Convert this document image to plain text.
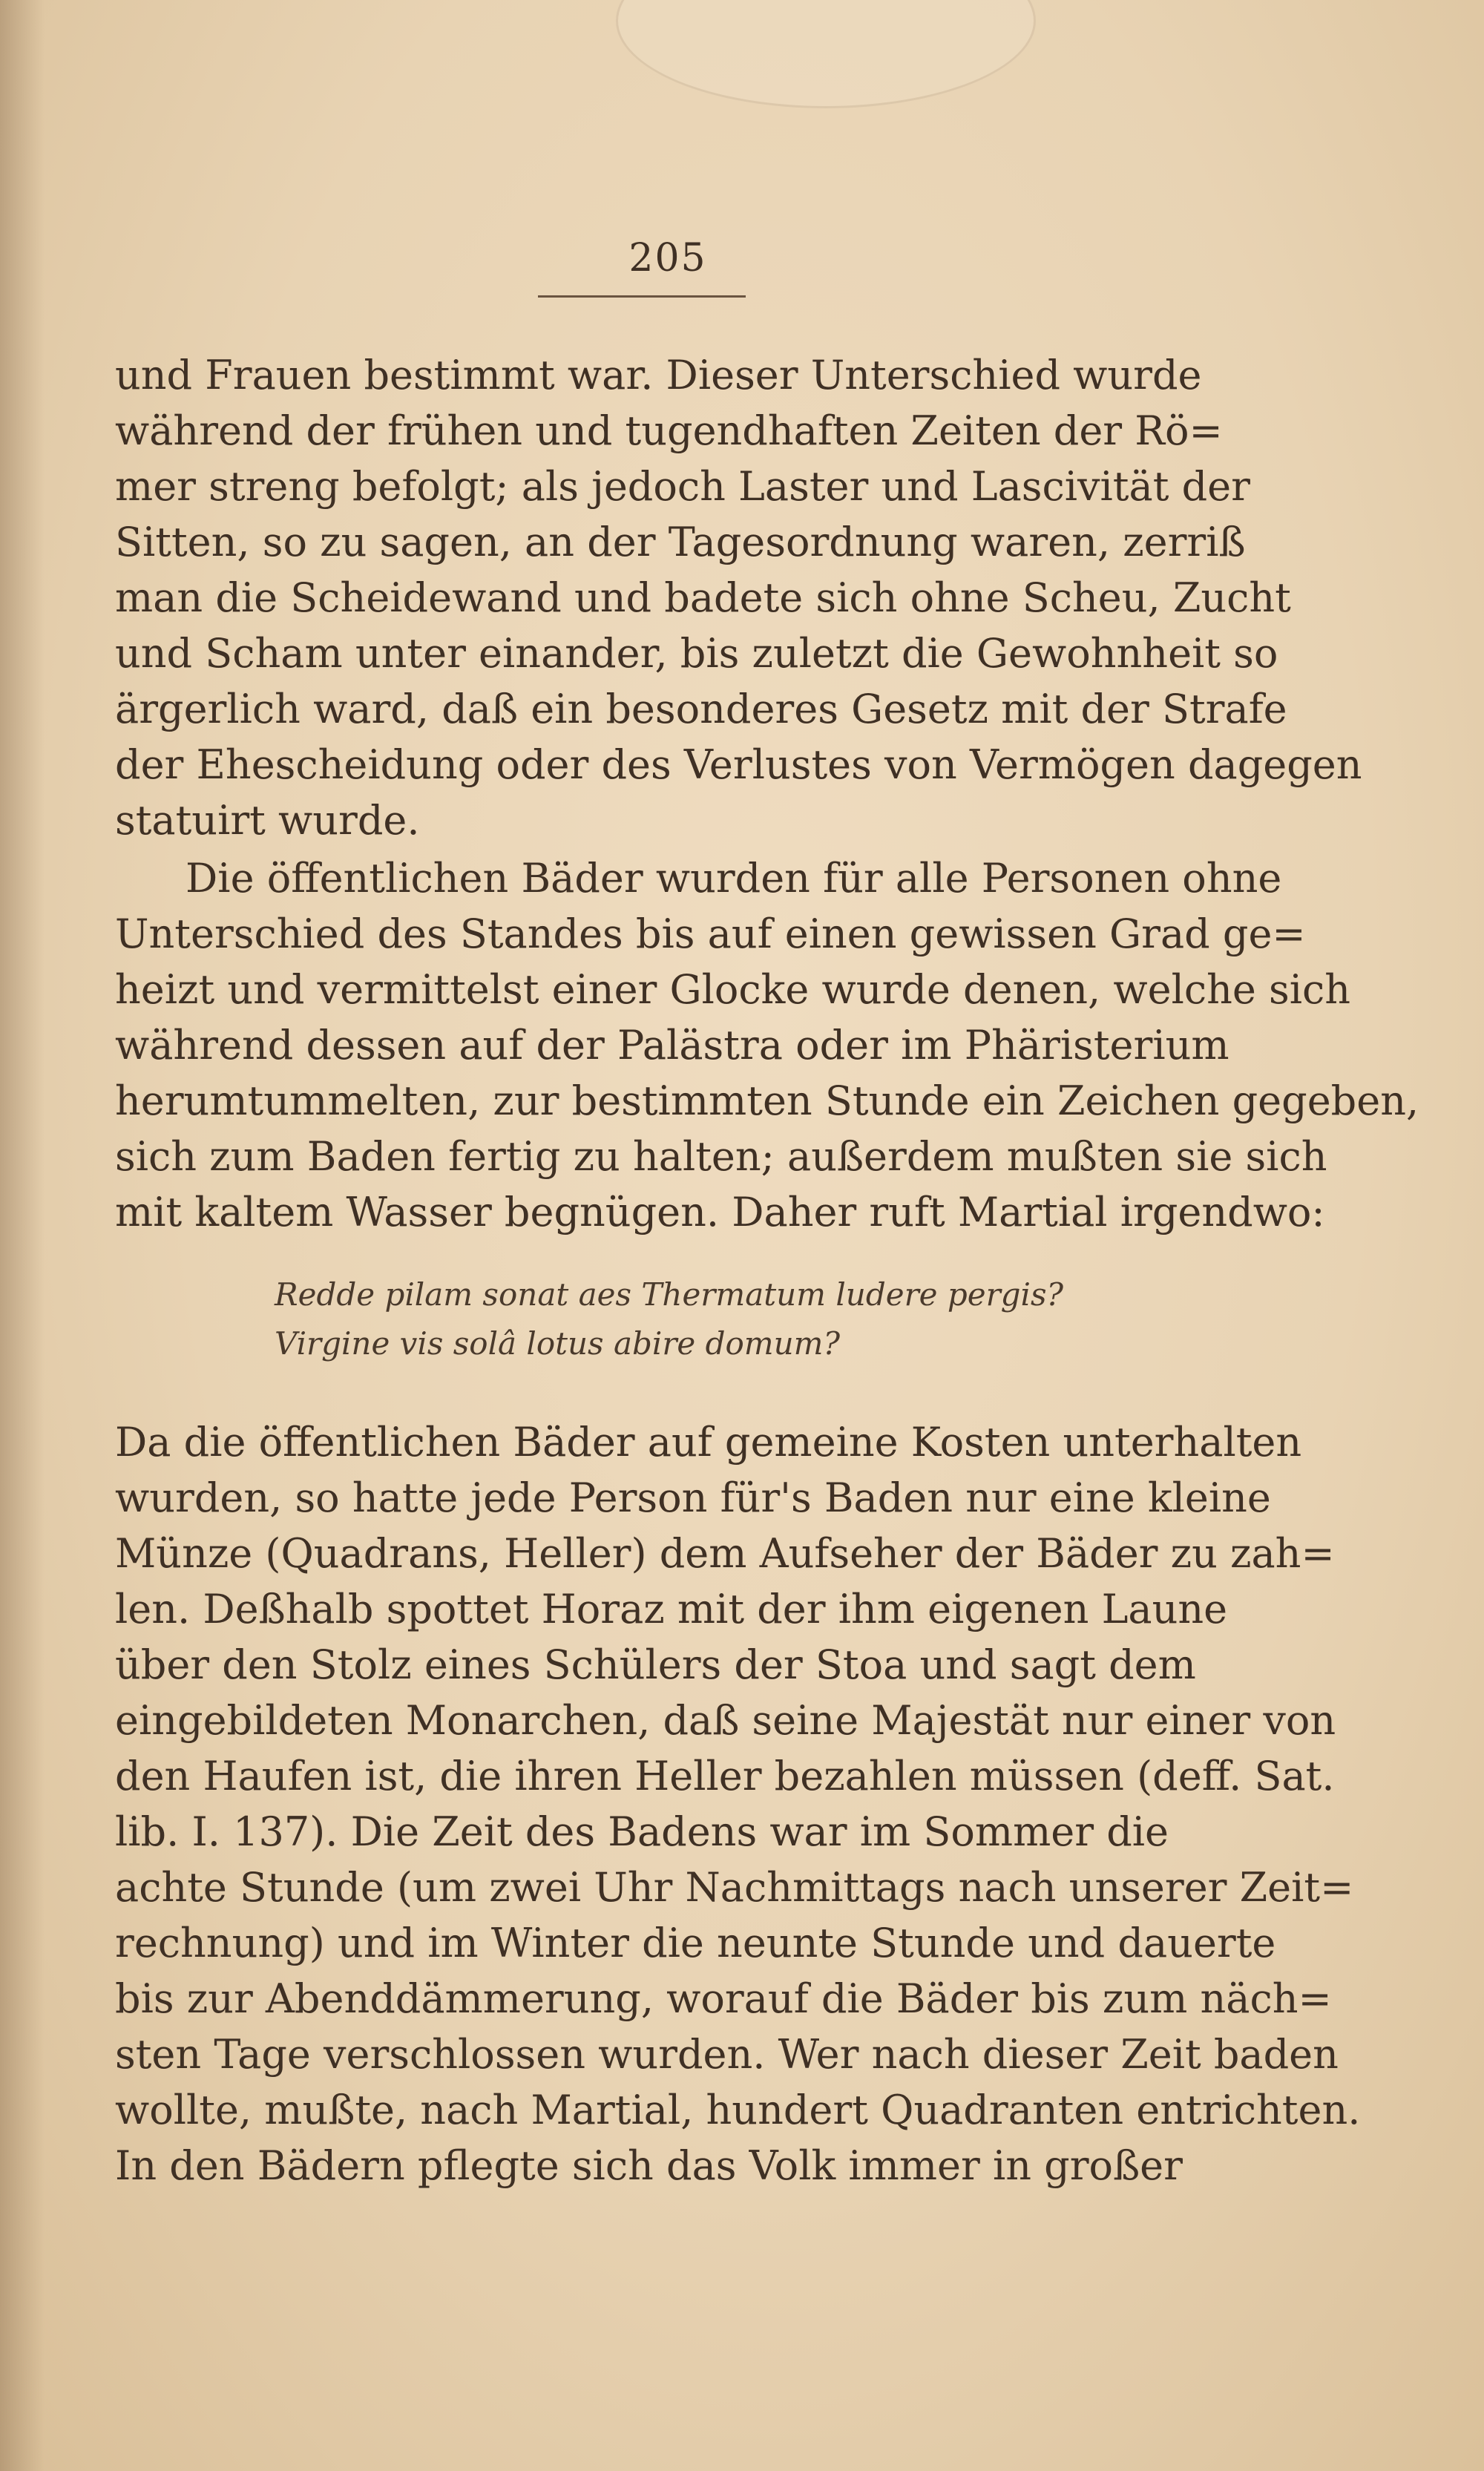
205

und Frauen bestimmt war. Dieser Unterschied wurde
während der frühen und tugendhaften Zeiten der Rö=
mer streng befolgt; als jedoch Laster und Lascivität der
Sitten, so zu sagen, an der Tagesordnung waren, zerriß
man die Scheidewand und badete sich ohne Scheu, Zucht
und Scham unter einander, bis zuletzt die Gewohnheit so
ärgerlich ward, daß ein besonderes Gesetz mit der Strafe
der Ehescheidung oder des Verlustes von Vermögen dagegen
statuirt wurde.

Die öffentlichen Bäder wurden für alle Personen ohne
Unterschied des Standes bis auf einen gewissen Grad ge=
heizt und vermittelst einer Glocke wurde denen, welche sich
während dessen auf der Palästra oder im Phäristerium
herumtummelten, zur bestimmten Stunde ein Zeichen gegeben,
sich zum Baden fertig zu halten; außerdem mußten sie sich
mit kaltem Wasser begnügen. Daher ruft Martial irgendwo:

Redde pilam sonat aes Thermatum ludere pergis?
Virgine vis solâ lotus abire domum?

Da die öffentlichen Bäder auf gemeine Kosten unterhalten
wurden, so hatte jede Person für's Baden nur eine kleine
Münze (Quadrans, Heller) dem Aufseher der Bäder zu zah=
len. Deßhalb spottet Horaz mit der ihm eigenen Laune
über den Stolz eines Schülers der Stoa und sagt dem
eingebildeten Monarchen, daß seine Majestät nur einer von
den Haufen ist, die ihren Heller bezahlen müssen (deff. Sat.
lib. I. 137). Die Zeit des Badens war im Sommer die
achte Stunde (um zwei Uhr Nachmittags nach unserer Zeit=
rechnung) und im Winter die neunte Stunde und dauerte
bis zur Abenddämmerung, worauf die Bäder bis zum näch=
sten Tage verschlossen wurden. Wer nach dieser Zeit baden
wollte, mußte, nach Martial, hundert Quadranten entrichten.
In den Bädern pflegte sich das Volk immer in großer
